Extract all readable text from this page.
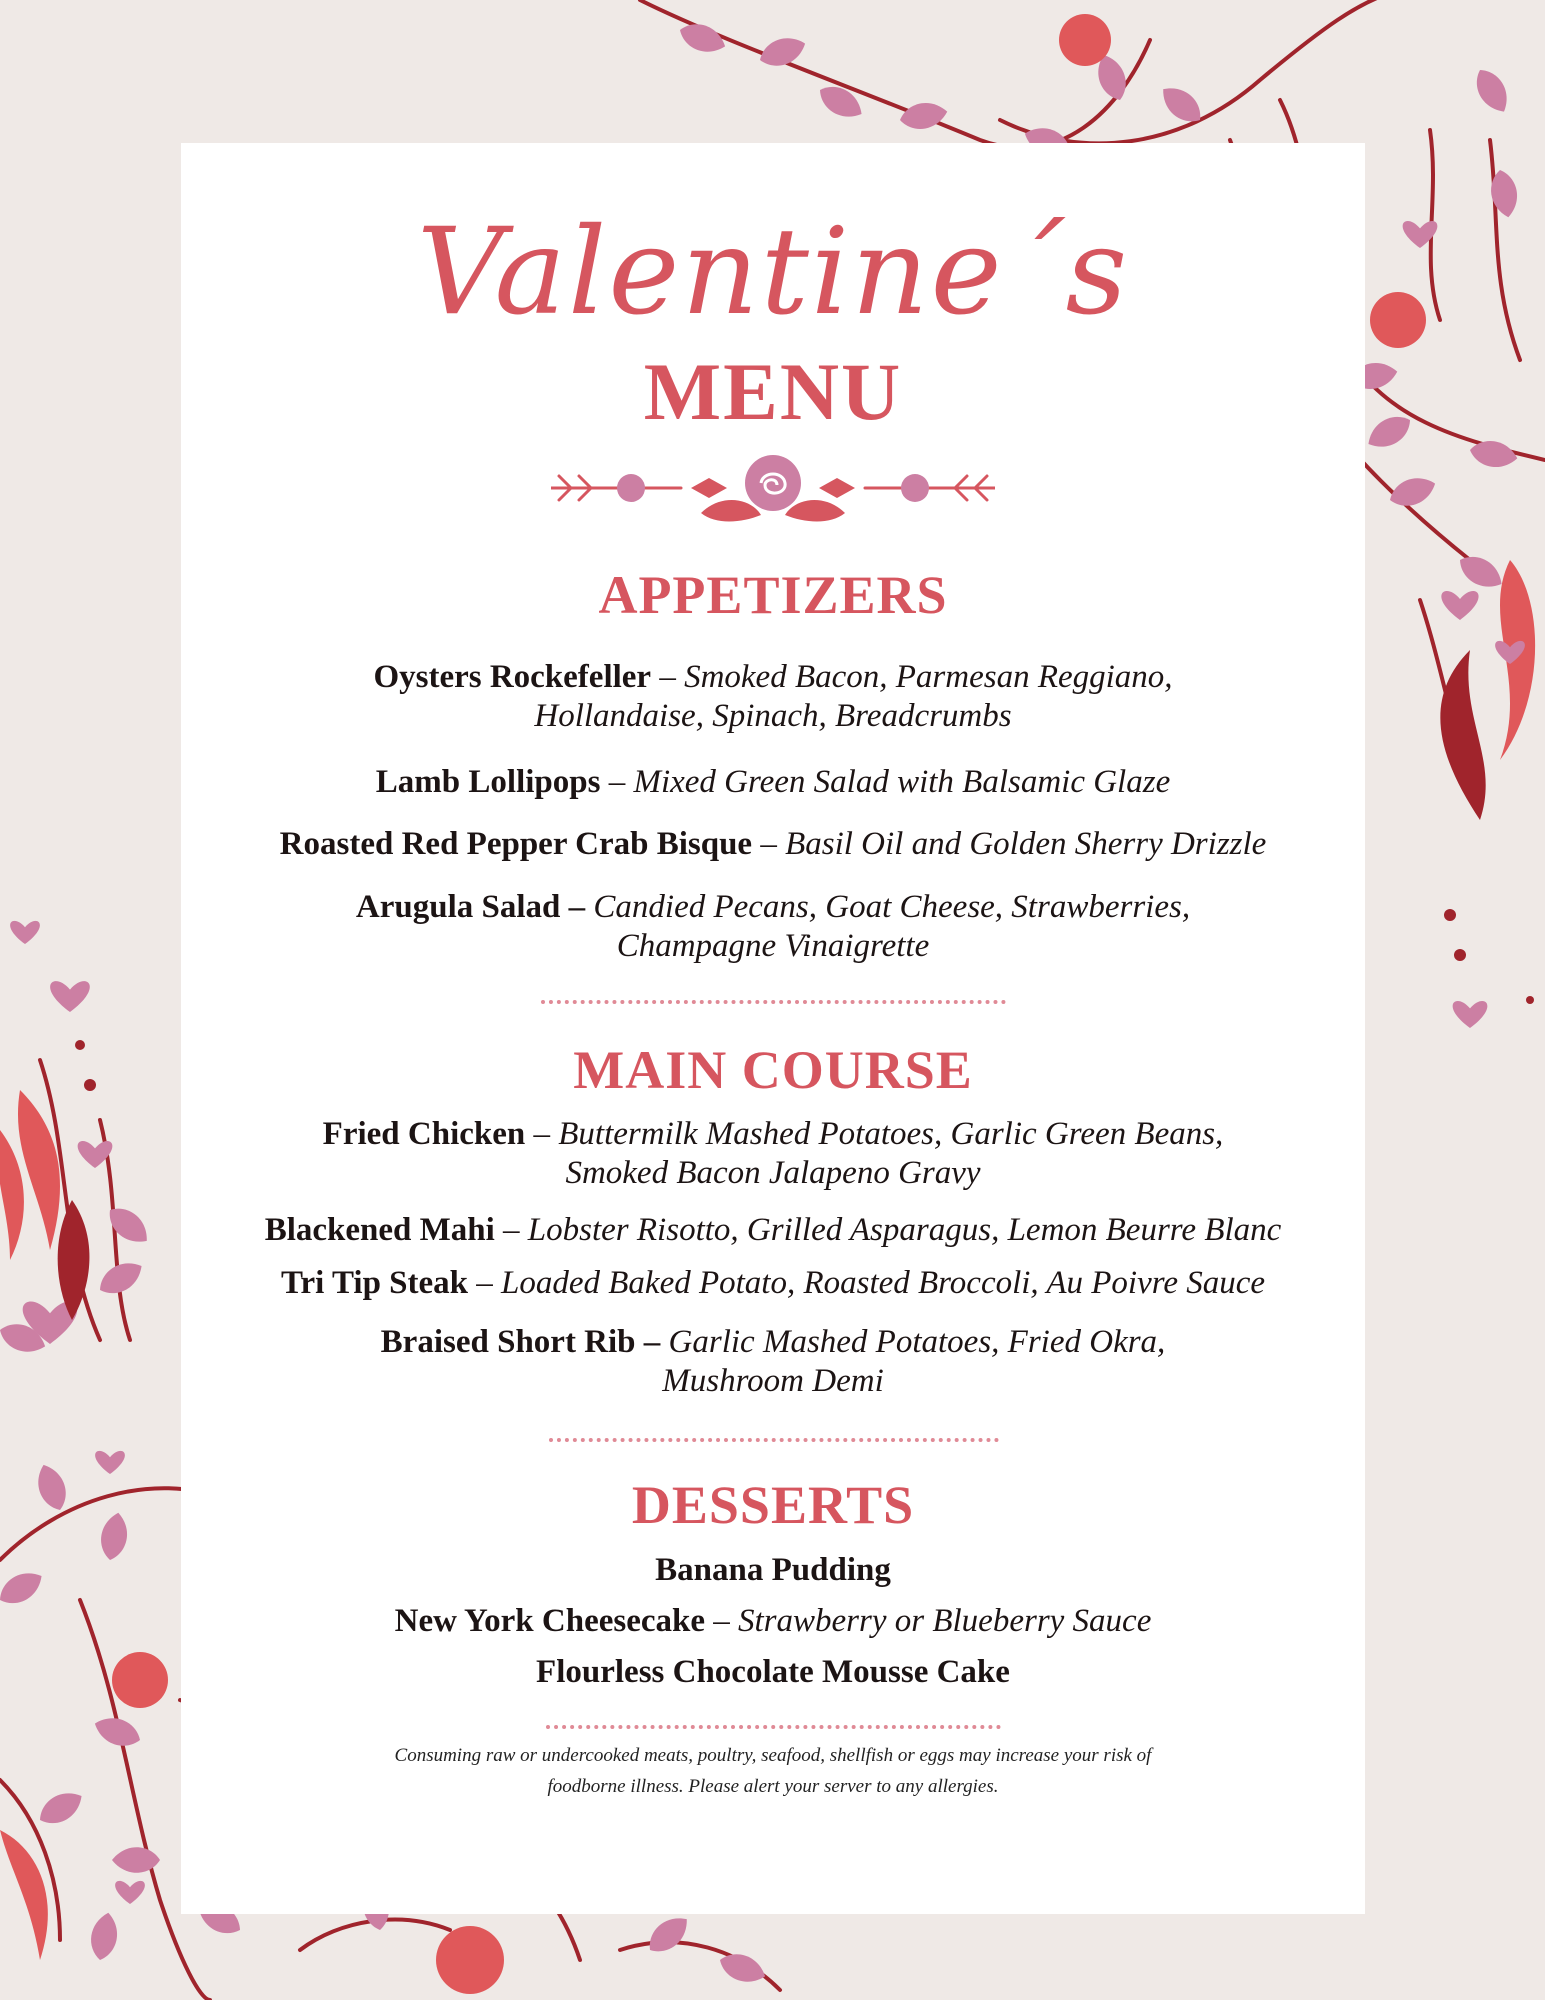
Valentine´s
MENU
APPETIZERS
Oysters Rockefeller – Smoked Bacon, Parmesan Reggiano,
Hollandaise, Spinach, Breadcrumbs
Lamb Lollipops – Mixed Green Salad with Balsamic Glaze
Roasted Red Pepper Crab Bisque – Basil Oil and Golden Sherry Drizzle
Arugula Salad – Candied Pecans, Goat Cheese, Strawberries,
Champagne Vinaigrette
MAIN COURSE
Fried Chicken – Buttermilk Mashed Potatoes, Garlic Green Beans,
Smoked Bacon Jalapeno Gravy
Blackened Mahi – Lobster Risotto, Grilled Asparagus, Lemon Beurre Blanc
Tri Tip Steak – Loaded Baked Potato, Roasted Broccoli, Au Poivre Sauce
Braised Short Rib – Garlic Mashed Potatoes, Fried Okra,
Mushroom Demi
DESSERTS
Banana Pudding
New York Cheesecake – Strawberry or Blueberry Sauce
Flourless Chocolate Mousse Cake
Consuming raw or undercooked meats, poultry, seafood, shellfish or eggs may increase your risk of
foodborne illness. Please alert your server to any allergies.
